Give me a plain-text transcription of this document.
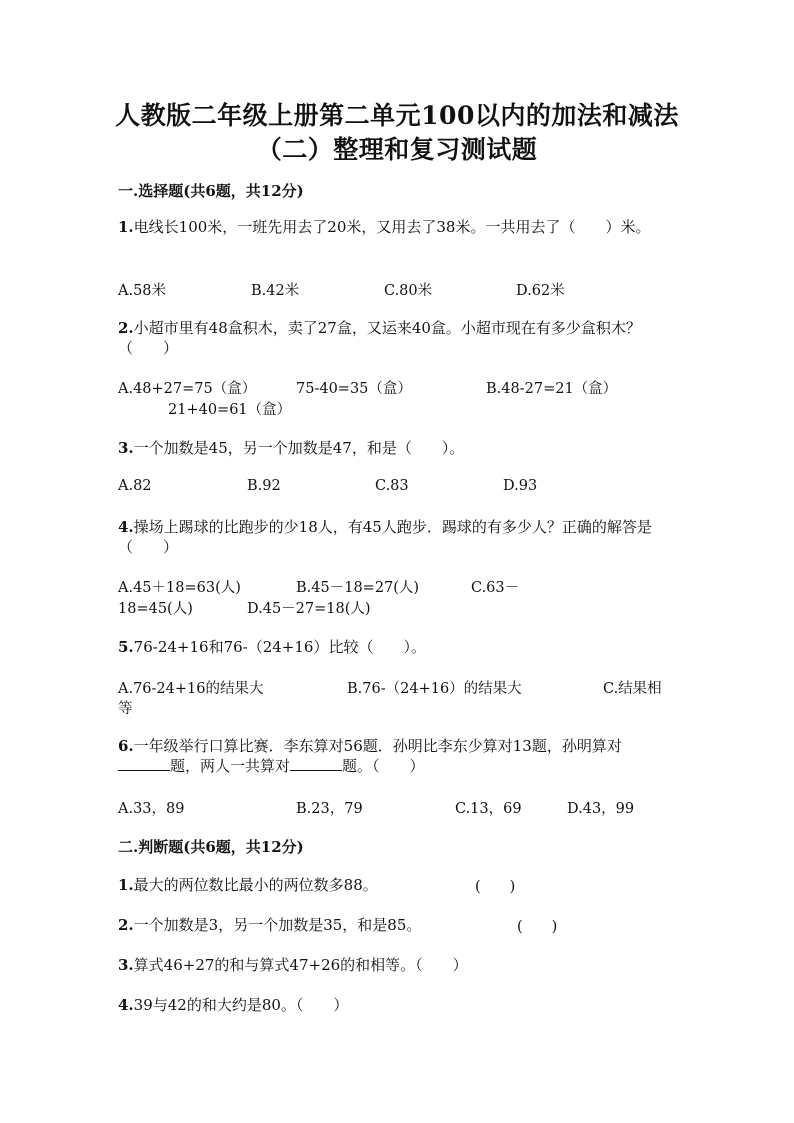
人教版二年级上册第二单元100以内的加法和减法
（二）整理和复习测试题
一.选择题(共6题，共12分)
1.电线长100米，一班先用去了20米，又用去了38米。一共用去了（　　）米。
A.58米	B.42米	C.80米	D.62米
2.小超市里有48盒积木，卖了27盒，又运来40盒。小超市现在有多少盒积木？（　　）
A.48+27=75（盒）	75-40=35（盒）	B.48-27=21（盒）
21+40=61（盒）
3.一个加数是45，另一个加数是47，和是（　　）。
A.82	B.92	C.83	D.93
4.操场上踢球的比跑步的少18人，有45人跑步．踢球的有多少人？正确的解答是（　　）
A.45＋18=63(人)	B.45－18=27(人)	C.63－
18=45(人)	D.45－27=18(人)
5.76-24+16和76-（24+16）比较（　　）。
A.76-24+16的结果大	B.76-（24+16）的结果大	C.结果相
等
6.一年级举行口算比赛．李东算对56题．孙明比李东少算对13题，孙明算对
题，两人一共算对	题。（　　）
A.33，89	B.23，79	C.13，69	D.43，99
二.判断题(共6题，共12分)
1.最大的两位数比最小的两位数多88。	(　　)
2.一个加数是3，另一个加数是35，和是85。	(　　)
3.算式46+27的和与算式47+26的和相等。（　　）
4.39与42的和大约是80。（　　）
